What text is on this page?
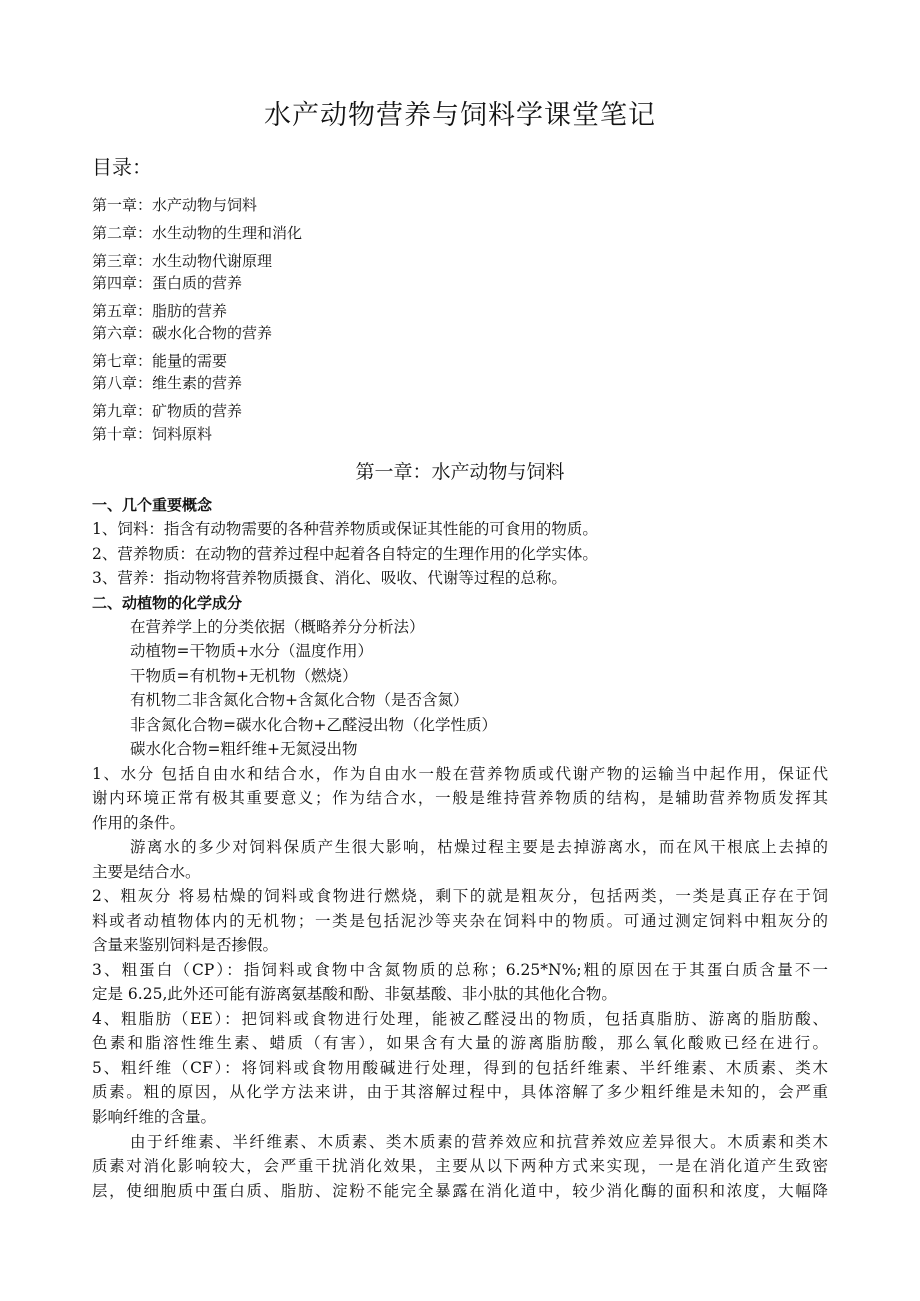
水产动物营养与饲料学课堂笔记
目录：
第一章：水产动物与饲料
第二章：水生动物的生理和消化
第三章：水生动物代谢原理
第四章：蛋白质的营养
第五章：脂肪的营养
第六章：碳水化合物的营养
第七章：能量的需要
第八章：维生素的营养
第九章：矿物质的营养
第十章：饲料原料
第一章：水产动物与饲料
一、几个重要概念
1、饲料：指含有动物需要的各种营养物质或保证其性能的可食用的物质。
2、营养物质：在动物的营养过程中起着各自特定的生理作用的化学实体。
3、营养：指动物将营养物质摄食、消化、吸收、代谢等过程的总称。
二、动植物的化学成分
在营养学上的分类依据（概略养分分析法）
动植物=干物质+水分（温度作用）
干物质=有机物+无机物（燃烧）
有机物二非含氮化合物+含氮化合物（是否含氮）
非含氮化合物=碳水化合物+乙醛浸出物（化学性质）
碳水化合物=粗纤维+无氮浸出物
1、水分 包括自由水和结合水，作为自由水一般在营养物质或代谢产物的运输当中起作用，保证代
谢内环境正常有极其重要意义；作为结合水，一般是维持营养物质的结构，是辅助营养物质发挥其
作用的条件。
游离水的多少对饲料保质产生很大影响，枯燥过程主要是去掉游离水，而在风干根底上去掉的
主要是结合水。
2、粗灰分 将易枯燥的饲料或食物进行燃烧，剩下的就是粗灰分，包括两类，一类是真正存在于饲
料或者动植物体内的无机物；一类是包括泥沙等夹杂在饲料中的物质。可通过测定饲料中粗灰分的
含量来鉴别饲料是否掺假。
3、粗蛋白（CP）：指饲料或食物中含氮物质的总称；6.25*N%;粗的原因在于其蛋白质含量不一
定是 6.25,此外还可能有游离氨基酸和酚、非氨基酸、非小肽的其他化合物。
4、粗脂肪（EE）：把饲料或食物进行处理，能被乙醛浸出的物质，包括真脂肪、游离的脂肪酸、
色素和脂溶性维生素、蜡质（有害），如果含有大量的游离脂肪酸，那么氧化酸败已经在进行。
5、粗纤维（CF）：将饲料或食物用酸碱进行处理，得到的包括纤维素、半纤维素、木质素、类木
质素。粗的原因，从化学方法来讲，由于其溶解过程中，具体溶解了多少粗纤维是未知的，会严重
影响纤维的含量。
由于纤维素、半纤维素、木质素、类木质素的营养效应和抗营养效应差异很大。木质素和类木
质素对消化影响较大，会严重干扰消化效果，主要从以下两种方式来实现，一是在消化道产生致密
层，使细胞质中蛋白质、脂肪、淀粉不能完全暴露在消化道中，较少消化酶的面积和浓度，大幅降
